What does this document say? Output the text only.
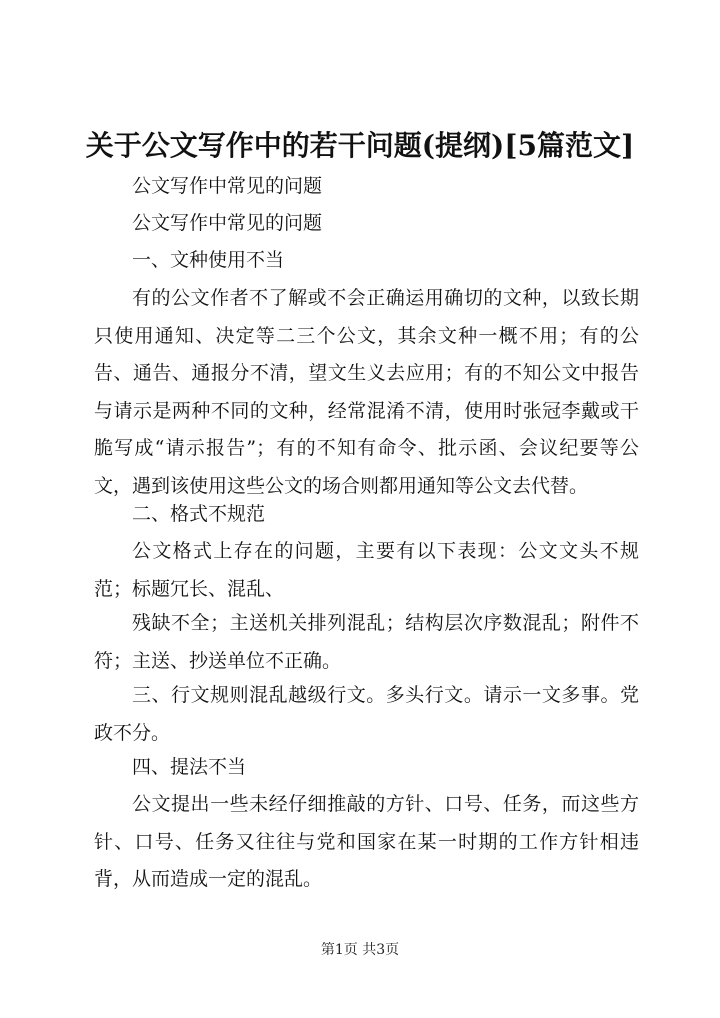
关于公文写作中的若干问题(提纲)[5篇范文]
公文写作中常见的问题
公文写作中常见的问题
一、文种使用不当
有的公文作者不了解或不会正确运用确切的文种，以致长期只使用通知、决定等二三个公文，其余文种一概不用；有的公告、通告、通报分不清，望文生义去应用；有的不知公文中报告与请示是两种不同的文种，经常混淆不清，使用时张冠李戴或干脆写成“请示报告”；有的不知有命令、批示函、会议纪要等公文，遇到该使用这些公文的场合则都用通知等公文去代替。
二、格式不规范
公文格式上存在的问题，主要有以下表现：公文文头不规范；标题冗长、混乱、
残缺不全；主送机关排列混乱；结构层次序数混乱；附件不符；主送、抄送单位不正确。
三、行文规则混乱越级行文。多头行文。请示一文多事。党政不分。
四、提法不当
公文提出一些未经仔细推敲的方针、口号、任务，而这些方针、口号、任务又往往与党和国家在某一时期的工作方针相违背，从而造成一定的混乱。
第1页 共3页
